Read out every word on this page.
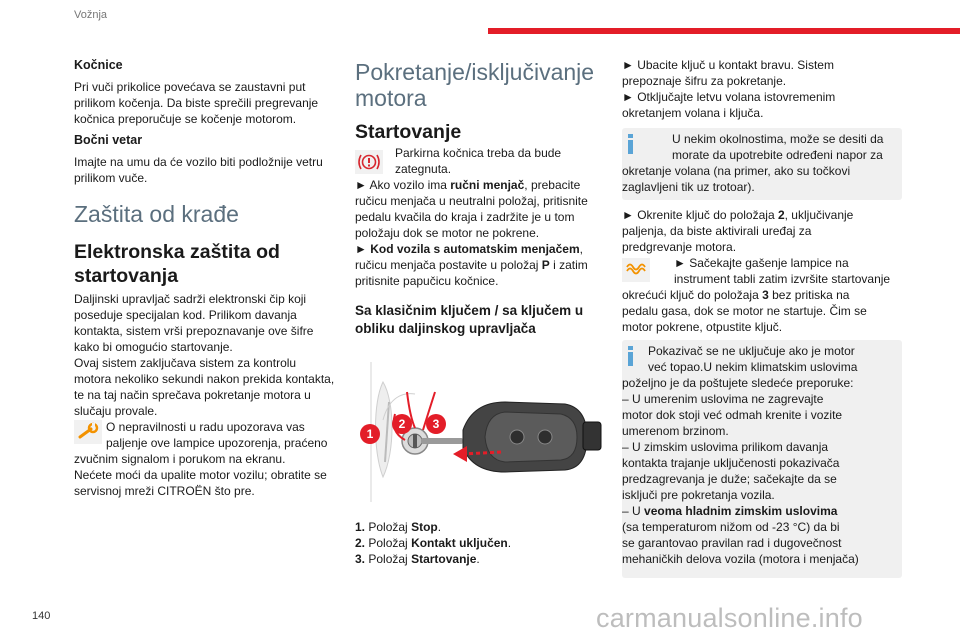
Vožnja
Kočnice
Pri vuči prikolice povećava se zaustavni put
prilikom kočenja. Da biste sprečili pregrevanje
kočnica preporučuje se kočenje motorom.
Bočni vetar
Imajte na umu da će vozilo biti podložnije vetru
prilikom vuče.
Zaštita od krađe
Elektronska zaštita od
startovanja
Daljinski upravljač sadrži elektronski čip koji
poseduje specijalan kod. Prilikom davanja
kontakta, sistem vrši prepoznavanje ove šifre
kako bi omogućio startovanje.
Ovaj sistem zaključava sistem za kontrolu
motora nekoliko sekundi nakon prekida kontakta,
te na taj način sprečava pokretanje motora u
slučaju provale.
O nepravilnosti u radu upozorava vas
paljenje ove lampice upozorenja, praćeno
zvučnim signalom i porukom na ekranu.
Nećete moći da upalite motor vozilu; obratite se
servisnoj mreži CITROËN što pre.
Pokretanje/isključivanje
motora
Startovanje
Parkirna kočnica treba da bude
zategnuta.
► Ako vozilo ima ručni menjač, prebacite
ručicu menjača u neutralni položaj, pritisnite
pedalu kvačila do kraja i zadržite je u tom
položaju dok se motor ne pokrene.
► Kod vozila s automatskim menjačem,
ručicu menjača postavite u položaj P i zatim
pritisnite papučicu kočnice.
Sa klasičnim ključem / sa ključem u
obliku daljinskog upravljača
1
2	3
1. Položaj Stop.
2. Položaj Kontakt uključen.
3. Položaj Startovanje.
► Ubacite ključ u kontakt bravu. Sistem
prepoznaje šifru za pokretanje.
► Otključajte letvu volana istovremenim
okretanjem volana i ključa.
U nekim okolnostima, može se desiti da
morate da upotrebite određeni napor za
okretanje volana (na primer, ako su točkovi
zaglavljeni tik uz trotoar).
► Okrenite ključ do položaja 2, uključivanje
paljenja, da biste aktivirali uređaj za
predgrevanje motora.
► Sačekajte gašenje lampice na
instrument tabli zatim izvršite startovanje
okrećući ključ do položaja 3 bez pritiska na
pedalu gasa, dok se motor ne startuje. Čim se
motor pokrene, otpustite ključ.
Pokazivač se ne uključuje ako je motor
već topao.U nekim klimatskim uslovima
poželjno je da poštujete sledeće preporuke:
– U umerenim uslovima ne zagrevajte
motor dok stoji već odmah krenite i vozite
umerenom brzinom.
– U zimskim uslovima prilikom davanja
kontakta trajanje uključenosti pokazivača
predzagrevanja je duže; sačekajte da se
isključi pre pokretanja vozila.
– U veoma hladnim zimskim uslovima
(sa temperaturom nižom od -23 °C) da bi
se garantovao pravilan rad i dugovečnost
mehaničkih delova vozila (motora i menjača)
140	carmanualsonline.info
